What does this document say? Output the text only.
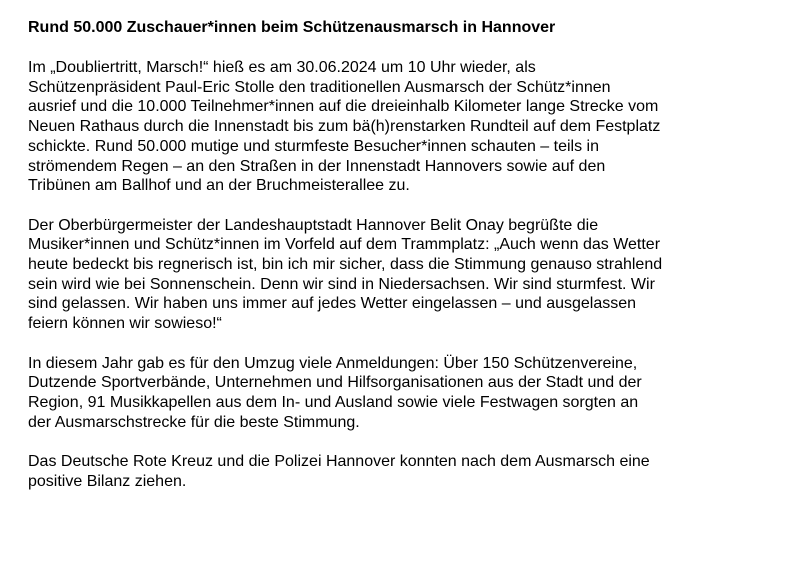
Rund 50.000 Zuschauer*innen beim Schützenausmarsch in Hannover
Im „Doubliertritt, Marsch!“ hieß es am 30.06.2024 um 10 Uhr wieder, als
Schützenpräsident Paul-Eric Stolle den traditionellen Ausmarsch der Schütz*innen
ausrief und die 10.000 Teilnehmer*innen auf die dreieinhalb Kilometer lange Strecke vom
Neuen Rathaus durch die Innenstadt bis zum bä(h)renstarken Rundteil auf dem Festplatz
schickte. Rund 50.000 mutige und sturmfeste Besucher*innen schauten – teils in
strömendem Regen – an den Straßen in der Innenstadt Hannovers sowie auf den
Tribünen am Ballhof und an der Bruchmeisterallee zu.
Der Oberbürgermeister der Landeshauptstadt Hannover Belit Onay begrüßte die
Musiker*innen und Schütz*innen im Vorfeld auf dem Trammplatz: „Auch wenn das Wetter
heute bedeckt bis regnerisch ist, bin ich mir sicher, dass die Stimmung genauso strahlend
sein wird wie bei Sonnenschein. Denn wir sind in Niedersachsen. Wir sind sturmfest. Wir
sind gelassen. Wir haben uns immer auf jedes Wetter eingelassen – und ausgelassen
feiern können wir sowieso!“
In diesem Jahr gab es für den Umzug viele Anmeldungen: Über 150 Schützenvereine,
Dutzende Sportverbände, Unternehmen und Hilfsorganisationen aus der Stadt und der
Region, 91 Musikkapellen aus dem In- und Ausland sowie viele Festwagen sorgten an
der Ausmarschstrecke für die beste Stimmung.
Das Deutsche Rote Kreuz und die Polizei Hannover konnten nach dem Ausmarsch eine
positive Bilanz ziehen.
